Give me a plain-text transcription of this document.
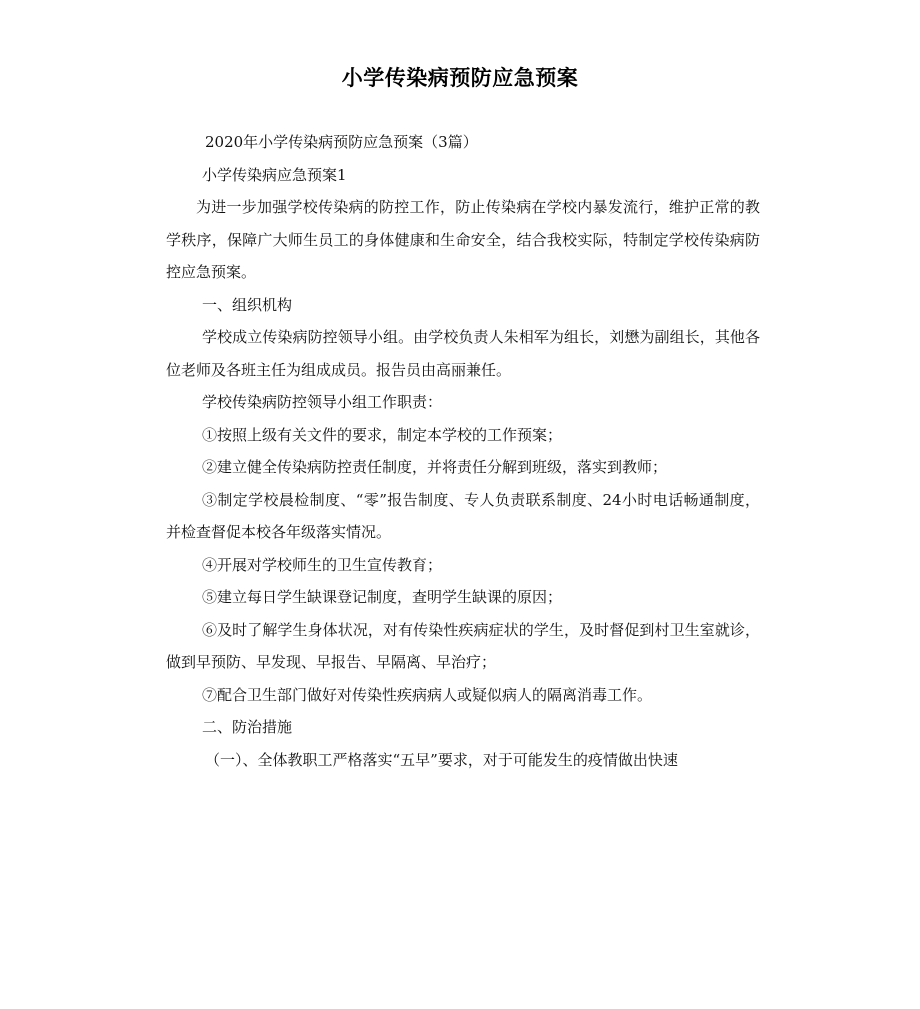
小学传染病预防应急预案

2020年小学传染病预防应急预案（3篇）

小学传染病应急预案1

为进一步加强学校传染病的防控工作，防止传染病在学校内暴发流行，维护正常的教学秩序，保障广大师生员工的身体健康和生命安全，结合我校实际，特制定学校传染病防控应急预案。

一、组织机构

学校成立传染病防控领导小组。由学校负责人朱相军为组长，刘懋为副组长，其他各位老师及各班主任为组成成员。报告员由高丽兼任。

学校传染病防控领导小组工作职责：

①按照上级有关文件的要求，制定本学校的工作预案；

②建立健全传染病防控责任制度，并将责任分解到班级，落实到教师；

③制定学校晨检制度、“零”报告制度、专人负责联系制度、24小时电话畅通制度，并检查督促本校各年级落实情况。

④开展对学校师生的卫生宣传教育；

⑤建立每日学生缺课登记制度，查明学生缺课的原因；

⑥及时了解学生身体状况，对有传染性疾病症状的学生，及时督促到村卫生室就诊，做到早预防、早发现、早报告、早隔离、早治疗；

⑦配合卫生部门做好对传染性疾病病人或疑似病人的隔离消毒工作。

二、防治措施

（一）、全体教职工严格落实“五早”要求，对于可能发生的疫情做出快速
